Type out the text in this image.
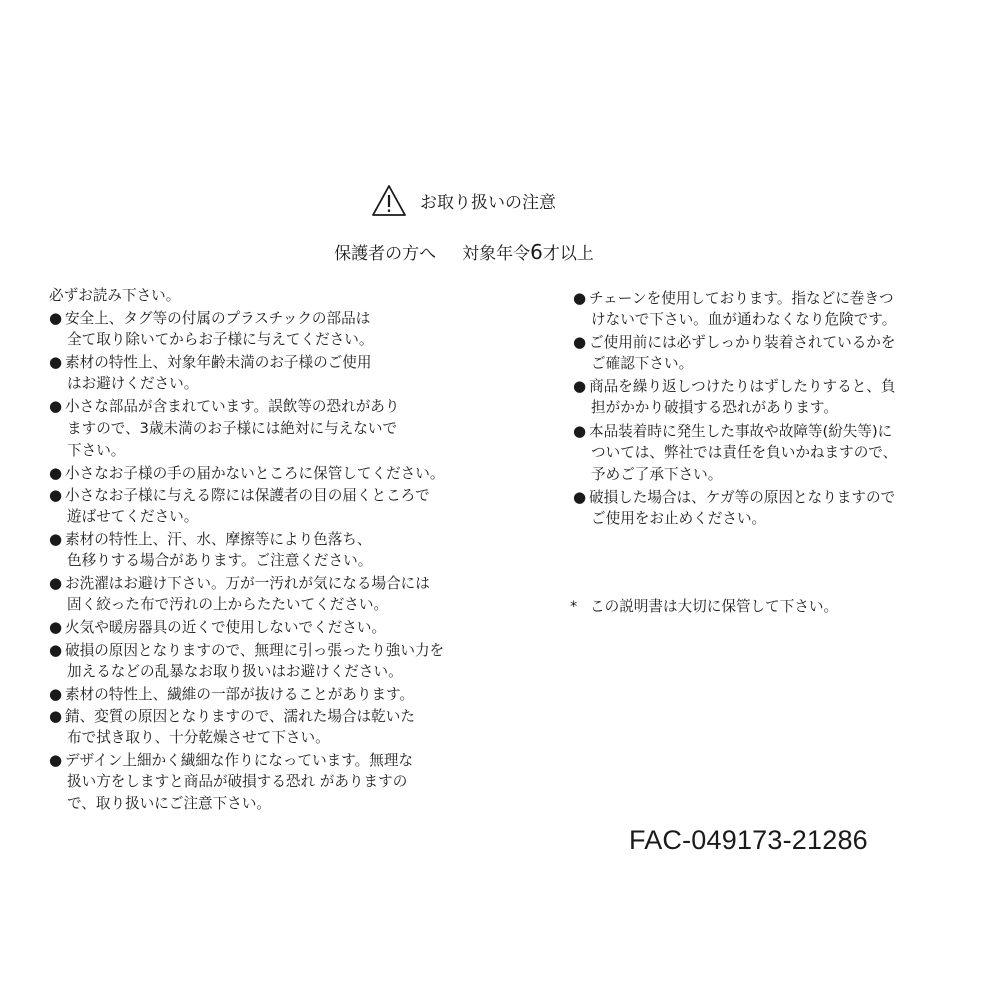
お取り扱いの注意
保護者の方へ 対象年令6才以上
必ずお読み下さい。
● 安全上、タグ等の付属のプラスチックの部品は
全て取り除いてからお子様に与えてください。
● 素材の特性上、対象年齢未満のお子様のご使用
はお避けください。
● 小さな部品が含まれています。誤飲等の恐れがあり
ますので、3歳未満のお子様には絶対に与えないで
下さい。
● 小さなお子様の手の届かないところに保管してください。
● 小さなお子様に与える際には保護者の目の届くところで
遊ばせてください。
● 素材の特性上、汗、水、摩擦等により色落ち、
色移りする場合があります。ご注意ください。
● お洗濯はお避け下さい。万が一汚れが気になる場合には
固く絞った布で汚れの上からたたいてください。
● 火気や暖房器具の近くで使用しないでください。
● 破損の原因となりますので、無理に引っ張ったり強い力を
加えるなどの乱暴なお取り扱いはお避けください。
● 素材の特性上、繊維の一部が抜けることがあります。
● 錆、変質の原因となりますので、濡れた場合は乾いた
布で拭き取り、十分乾燥させて下さい。
● デザイン上細かく繊細な作りになっています。無理な
扱い方をしますと商品が破損する恐れ がありますの
で、取り扱いにご注意下さい。
● チェーンを使用しております。指などに巻きつ
けないで下さい。血が通わなくなり危険です。
● ご使用前には必ずしっかり装着されているかを
ご確認下さい。
● 商品を繰り返しつけたりはずしたりすると、負
担がかかり破損する恐れがあります。
● 本品装着時に発生した事故や故障等(紛失等)に
ついては、弊社では責任を負いかねますので、
予めご了承下さい。
● 破損した場合は、ケガ等の原因となりますので
ご使用をお止めください。
* この説明書は大切に保管して下さい。
FAC-049173-21286
